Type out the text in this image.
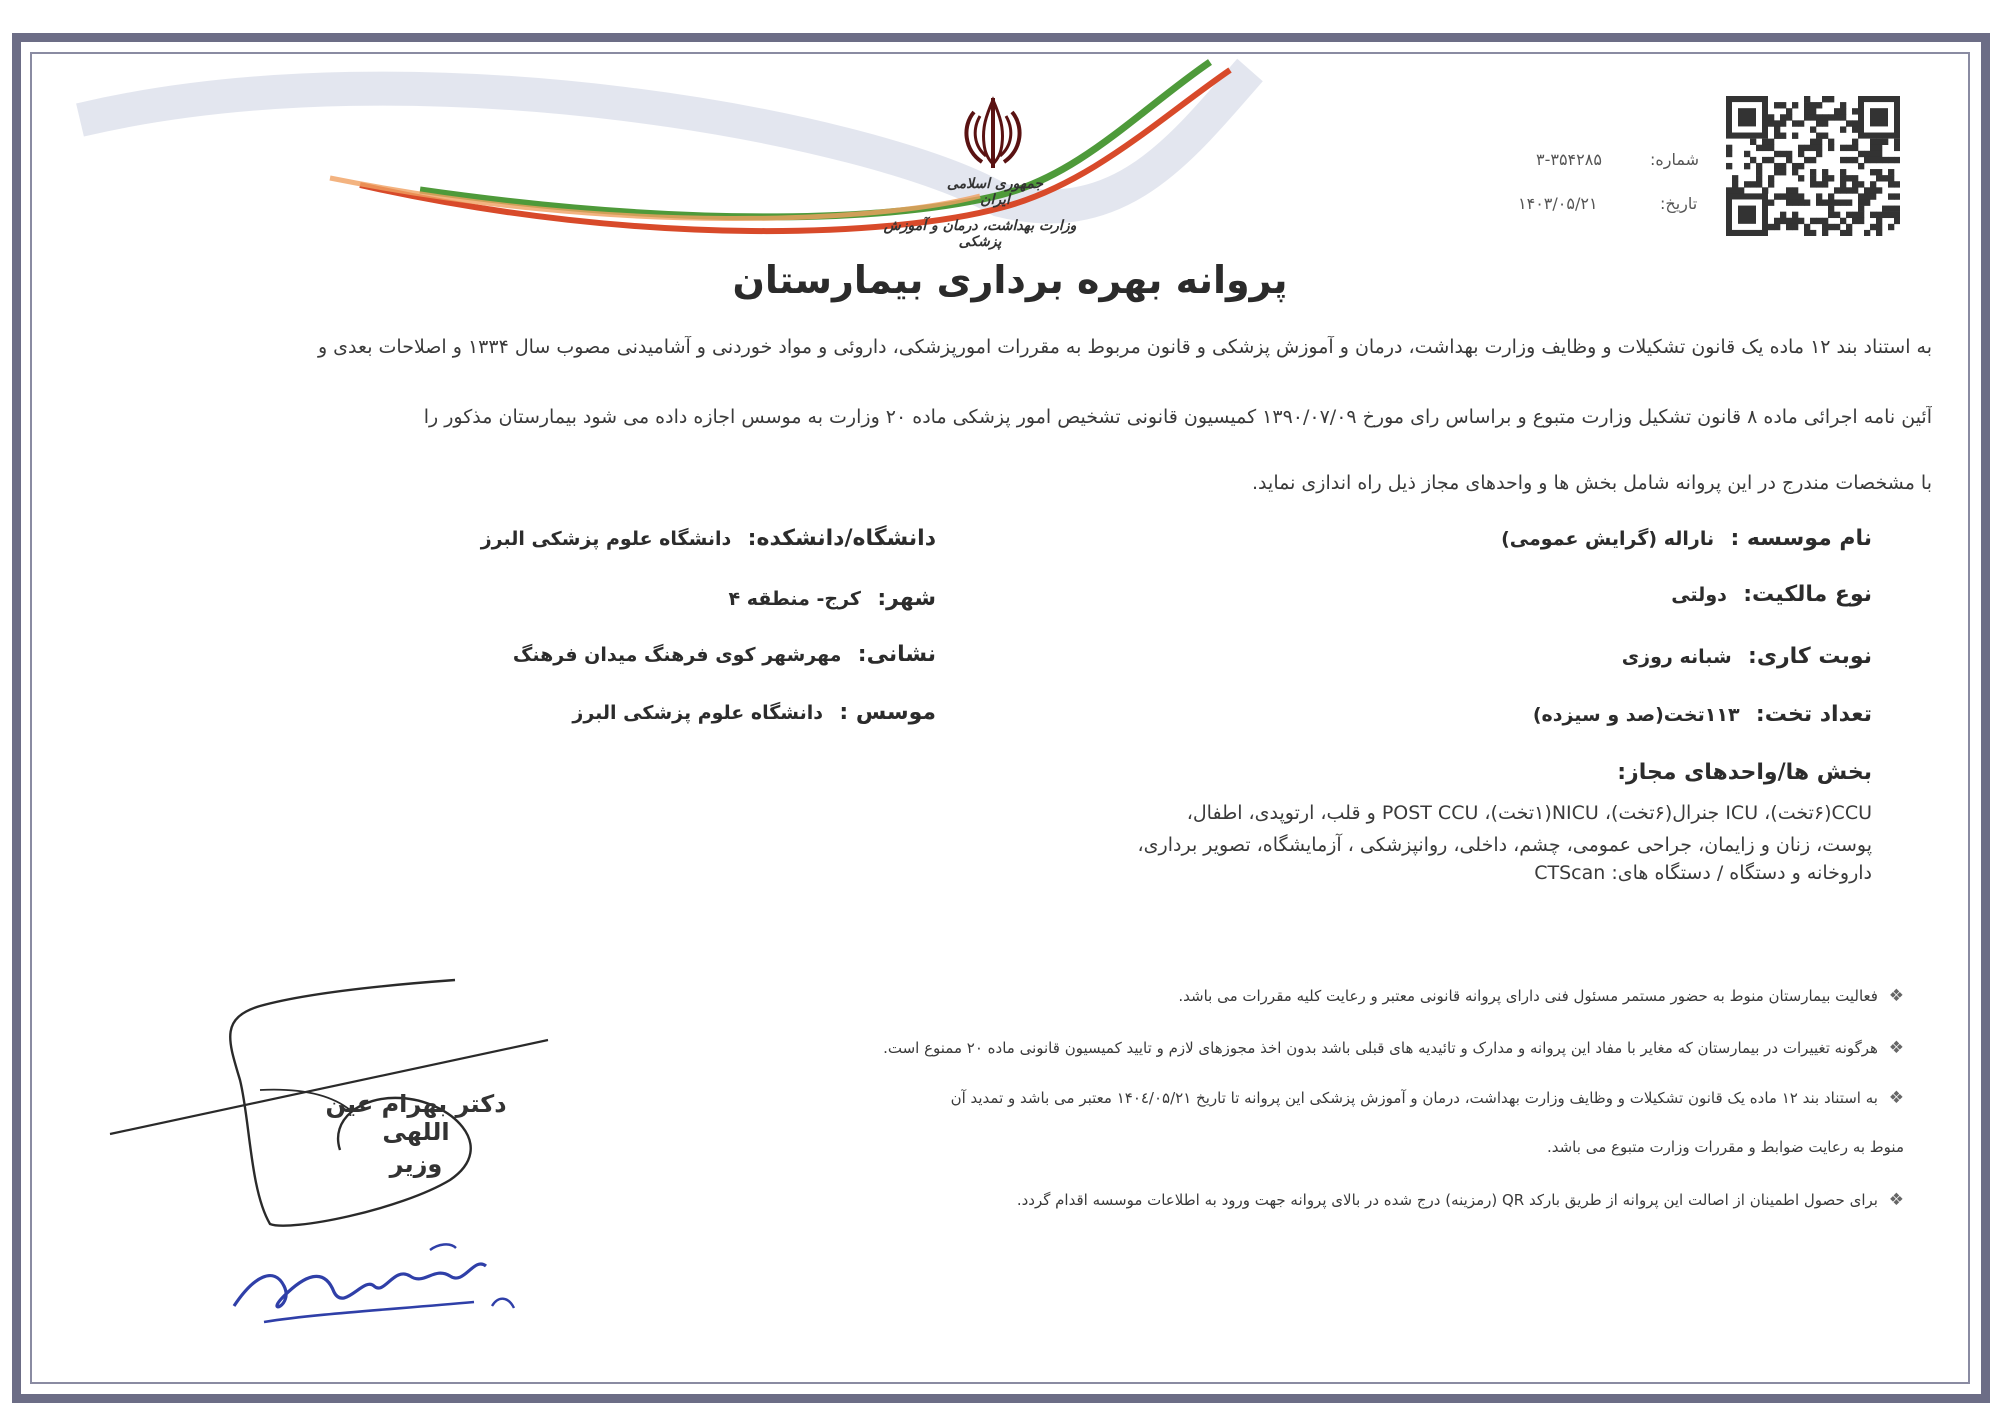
جمهوری اسلامی ایران
وزارت بهداشت، درمان و آموزش پزشکی
شماره:
۳-۳۵۴۲۸۵
تاریخ:
۱۴۰۳/۰۵/۲۱
پروانه بهره برداری بیمارستان
به استناد بند ۱۲ ماده یک قانون تشکیلات و وظایف وزارت بهداشت، درمان و آموزش پزشکی و قانون مربوط به مقررات امورپزشکی، داروئی و مواد خوردنی و آشامیدنی مصوب سال ۱۳۳۴ و اصلاحات بعدی و
آئین نامه اجرائی ماده ۸ قانون تشکیل وزارت متبوع و براساس رای مورخ ۱۳۹۰/۰۷/۰۹ کمیسیون قانونی تشخیص امور پزشکی ماده ۲۰ وزارت به موسس اجازه داده می شود بیمارستان مذکور را
با مشخصات مندرج در این پروانه شامل بخش ها و واحدهای مجاز ذیل راه اندازی نماید.
نام موسسه : ناراله (گرایش عمومی)
دانشگاه/دانشکده: دانشگاه علوم پزشکی البرز
نوع مالکیت: دولتی
شهر: کرج- منطقه ۴
نوبت کاری: شبانه روزی
نشانی: مهرشهر کوی فرهنگ میدان فرهنگ
تعداد تخت: ۱۱۳تخت(صد و سیزده)
موسس : دانشگاه علوم پزشکی البرز
بخش ها/واحدهای مجاز:
CCU(۶تخت)، ICU جنرال(۶تخت)، NICU(۱تخت)، POST CCU و قلب، ارتوپدی، اطفال،
پوست، زنان و زایمان، جراحی عمومی، چشم، داخلی، روانپزشکی ، آزمایشگاه، تصویر برداری،
داروخانه و دستگاه / دستگاه های: CTScan
❖ فعالیت بیمارستان منوط به حضور مستمر مسئول فنی دارای پروانه قانونی معتبر و رعایت کلیه مقررات می باشد.
❖ هرگونه تغییرات در بیمارستان که مغایر با مفاد این پروانه و مدارک و تائیدیه های قبلی باشد بدون اخذ مجوزهای لازم و تایید کمیسیون قانونی ماده ۲۰ ممنوع است.
❖ به استناد بند ۱۲ ماده یک قانون تشکیلات و وظایف وزارت بهداشت، درمان و آموزش پزشکی این پروانه تا تاریخ ۱۴۰٤/۰۵/۲۱ معتبر می باشد و تمدید آن
منوط به رعایت ضوابط و مقررات وزارت متبوع می باشد.
❖ برای حصول اطمینان از اصالت این پروانه از طریق بارکد QR (رمزینه) درج شده در بالای پروانه جهت ورود به اطلاعات موسسه اقدام گردد.
دکتر بهرام عین اللهی
وزیر
